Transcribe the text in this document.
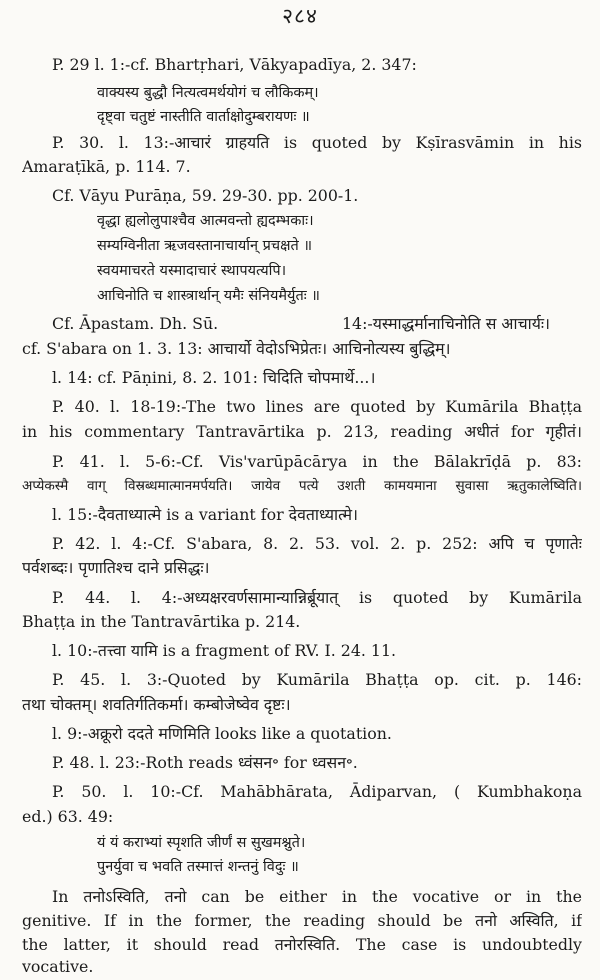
२८४
P. 29 l. 1:-cf. Bhartṛhari, Vākyapadīya, 2. 347:
वाक्यस्य बुद्धौ नित्यत्वमर्थयोगं च लौकिकम्।
दृष्ट्वा चतुष्टं नास्तीति वार्ताक्षोदुम्बरायणः ॥
P. 30. l. 13:-आचारं ग्राहयति is quoted by Kṣīrasvāmin in his
Amaraṭīkā, p. 114. 7.
Cf. Vāyu Purāṇa, 59. 29-30. pp. 200-1.
वृद्धा ह्यलोलुपाश्चैव आत्मवन्तो ह्यदम्भकाः।
सम्यग्विनीता ऋजवस्तानाचार्यान् प्रचक्षते ॥
स्वयमाचरते यस्मादाचारं स्थापयत्यपि।
आचिनोति च शास्त्रार्थान् यमैः संनियमैर्युतः ॥
Cf. Āpastam. Dh. Sū.	14:-यस्माद्धर्मानाचिनोति स आचार्यः।
cf. S'abara on 1. 3. 13: आचार्यो वेदोऽभिप्रेतः। आचिनोत्यस्य बुद्धिम्।
l. 14: cf. Pāṇini, 8. 2. 101: चिदिति चोपमार्थे...।
P. 40. l. 18-19:-The two lines are quoted by Kumārila Bhaṭṭa
in his commentary Tantravārtika p. 213, reading अधीतं for गृहीतं।
P. 41. l. 5-6:-Cf. Vis'varūpācārya in the Bālakrīḍā p. 83:
अप्येकस्मै वाग् विस्रब्धमात्मानमर्पयति। जायेव पत्ये उशती कामयमाना सुवासा ऋतुकालेष्विति।
l. 15:-दैवताध्यात्मे is a variant for देवताध्यात्मे।
P. 42. l. 4:-Cf. S'abara, 8. 2. 53. vol. 2. p. 252: अपि च पृणातेः
पर्वशब्दः। पृणातिश्च दाने प्रसिद्धः।
P. 44. l. 4:-अध्यक्षरवर्णसामान्यान्निर्ब्रूयात् is quoted by Kumārila
Bhaṭṭa in the Tantravārtika p. 214.
l. 10:-तत्त्वा यामि is a fragment of RV. I. 24. 11.
P. 45. l. 3:-Quoted by Kumārila Bhaṭṭa op. cit. p. 146:
तथा चोक्तम्। शवतिर्गतिकर्मा। कम्बोजेष्वेव दृष्टः।
l. 9:-अक्रूरो ददते मणिमिति looks like a quotation.
P. 48. l. 23:-Roth reads ध्वंसन॰ for ध्वसन॰.
P. 50. l. 10:-Cf. Mahābhārata, Ādiparvan, ( Kumbhakoṇa
ed.) 63. 49:
यं यं कराभ्यां स्पृशति जीर्णं स सुखमश्नुते।
पुनर्युवा च भवति तस्मात्तं शन्तनुं विदुः ॥
In तनोऽस्विति, तनो can be either in the vocative or in the
genitive. If in the former, the reading should be तनो अस्विति, if
the latter, it should read तनोरस्विति. The case is undoubtedly
vocative.
